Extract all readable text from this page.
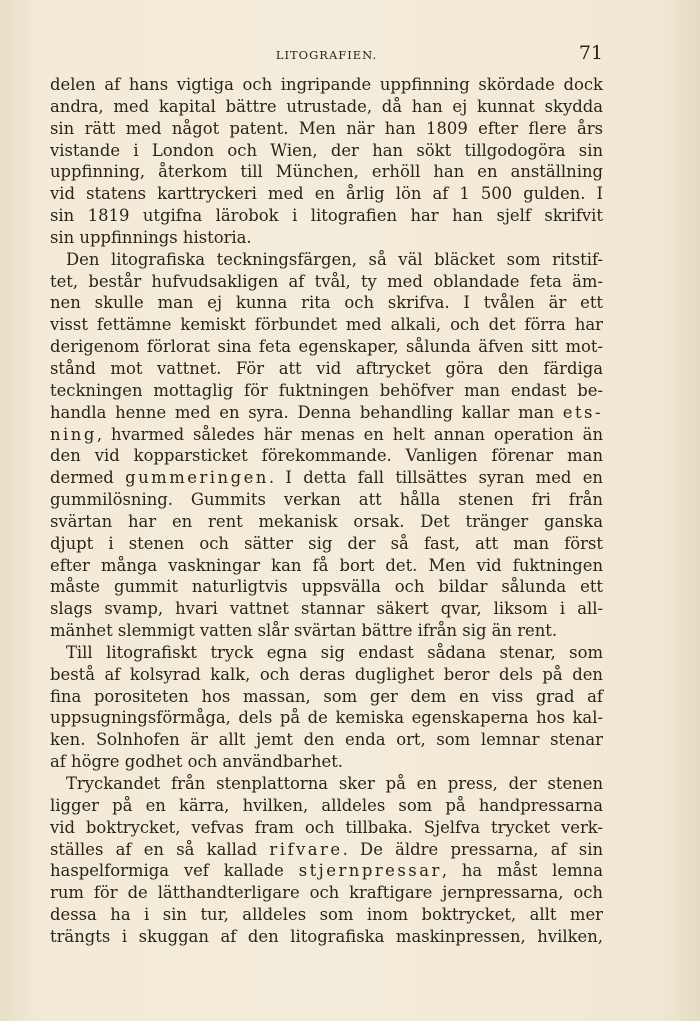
LITOGRAFIEN.	71
delen af hans vigtiga och ingripande uppfinning skördade dock
andra, med kapital bättre utrustade, då han ej kunnat skydda
sin rätt med något patent. Men när han 1809 efter flere års
vistande i London och Wien, der han sökt tillgodogöra sin
uppfinning, återkom till München, erhöll han en anställning
vid statens karttryckeri med en årlig lön af 1 500 gulden. I
sin 1819 utgifna lärobok i litografien har han sjelf skrifvit
sin uppfinnings historia.
Den litografiska teckningsfärgen, så väl bläcket som ritstif-
tet, består hufvudsakligen af tvål, ty med oblandade feta äm-
nen skulle man ej kunna rita och skrifva. I tvålen är ett
visst fettämne kemiskt förbundet med alkali, och det förra har
derigenom förlorat sina feta egenskaper, sålunda äfven sitt mot-
stånd mot vattnet. För att vid aftrycket göra den färdiga
teckningen mottaglig för fuktningen behöfver man endast be-
handla henne med en syra. Denna behandling kallar man ets-
ning, hvarmed således här menas en helt annan operation än
den vid kopparsticket förekommande. Vanligen förenar man
dermed gummeringen. I detta fall tillsättes syran med en
gummilösning. Gummits verkan att hålla stenen fri från
svärtan har en rent mekanisk orsak. Det tränger ganska
djupt i stenen och sätter sig der så fast, att man först
efter många vaskningar kan få bort det. Men vid fuktningen
måste gummit naturligtvis uppsvälla och bildar sålunda ett
slags svamp, hvari vattnet stannar säkert qvar, liksom i all-
mänhet slemmigt vatten slår svärtan bättre ifrån sig än rent.
Till litografiskt tryck egna sig endast sådana stenar, som
bestå af kolsyrad kalk, och deras duglighet beror dels på den
fina porositeten hos massan, som ger dem en viss grad af
uppsugningsförmåga, dels på de kemiska egenskaperna hos kal-
ken. Solnhofen är allt jemt den enda ort, som lemnar stenar
af högre godhet och användbarhet.
Tryckandet från stenplattorna sker på en press, der stenen
ligger på en kärra, hvilken, alldeles som på handpressarna
vid boktrycket, vefvas fram och tillbaka. Sjelfva trycket verk-
ställes af en så kallad rifvare. De äldre pressarna, af sin
haspelformiga vef kallade stjernpressar, ha måst lemna
rum för de lätthandterligare och kraftigare jernpressarna, och
dessa ha i sin tur, alldeles som inom boktrycket, allt mer
trängts i skuggan af den litografiska maskinpressen, hvilken,
